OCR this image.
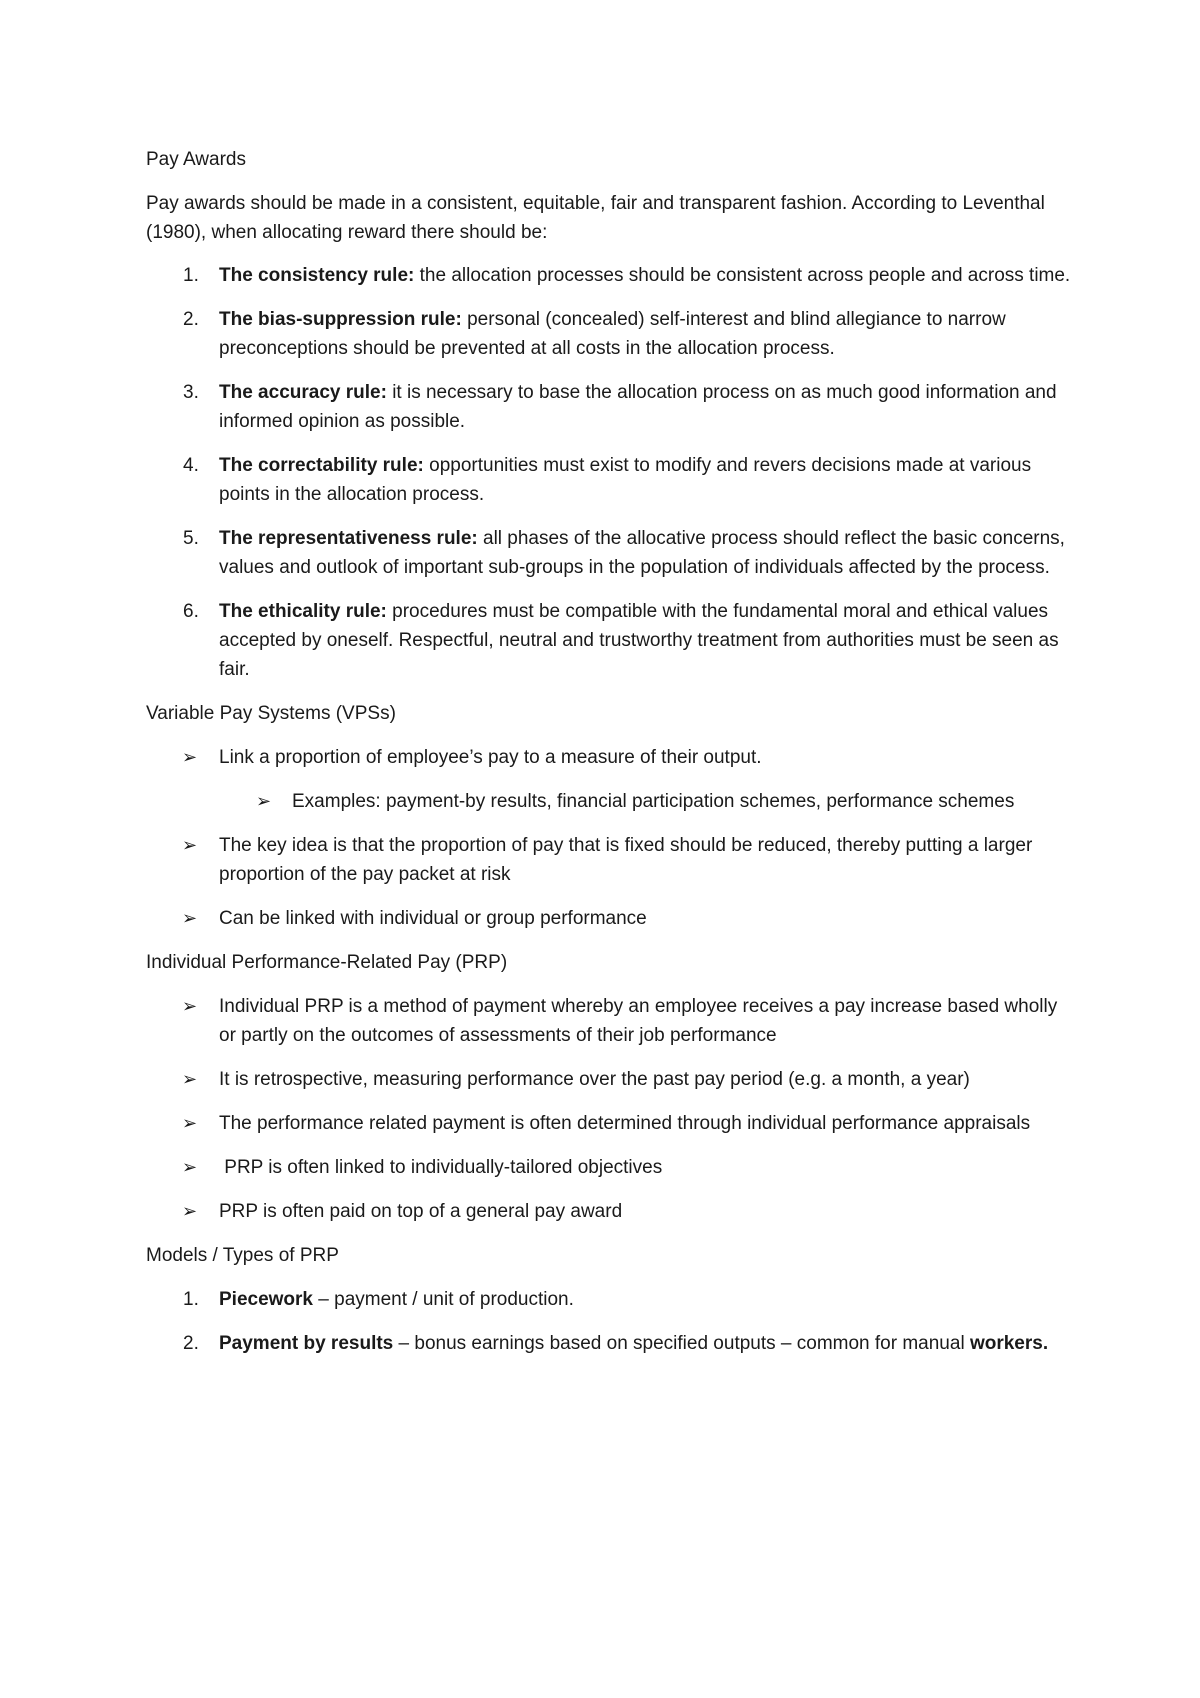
Pay Awards

Pay awards should be made in a consistent, equitable, fair and transparent fashion. According to Leventhal (1980), when allocating reward there should be:

1. The consistency rule: the allocation processes should be consistent across people and across time.
2. The bias-suppression rule: personal (concealed) self-interest and blind allegiance to narrow preconceptions should be prevented at all costs in the allocation process.
3. The accuracy rule: it is necessary to base the allocation process on as much good information and informed opinion as possible.
4. The correctability rule: opportunities must exist to modify and revers decisions made at various points in the allocation process.
5. The representativeness rule: all phases of the allocative process should reflect the basic concerns, values and outlook of important sub-groups in the population of individuals affected by the process.
6. The ethicality rule: procedures must be compatible with the fundamental moral and ethical values accepted by oneself. Respectful, neutral and trustworthy treatment from authorities must be seen as fair.

Variable Pay Systems (VPSs)

➢ Link a proportion of employee’s pay to a measure of their output.
➢ Examples: payment-by results, financial participation schemes, performance schemes
➢ The key idea is that the proportion of pay that is fixed should be reduced, thereby putting a larger proportion of the pay packet at risk
➢ Can be linked with individual or group performance

Individual Performance-Related Pay (PRP)

➢ Individual PRP is a method of payment whereby an employee receives a pay increase based wholly or partly on the outcomes of assessments of their job performance
➢ It is retrospective, measuring performance over the past pay period (e.g. a month, a year)
➢ The performance related payment is often determined through individual performance appraisals
➢ PRP is often linked to individually-tailored objectives
➢ PRP is often paid on top of a general pay award

Models / Types of PRP

1. Piecework – payment / unit of production.
2. Payment by results – bonus earnings based on specified outputs – common for manual workers.
